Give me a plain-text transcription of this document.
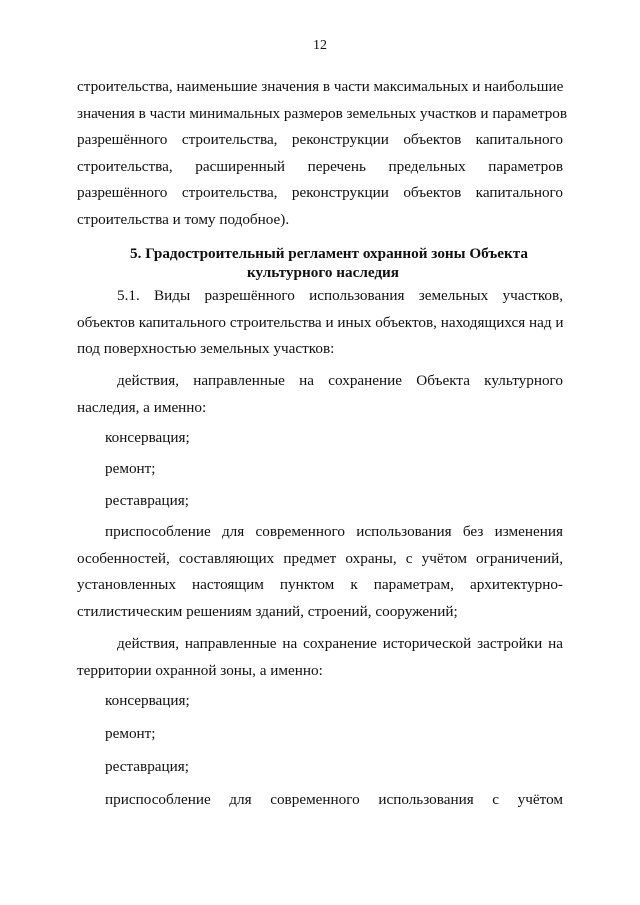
12
строительства, наименьшие значения в части максимальных и наибольшие
значения в части минимальных размеров земельных участков и параметров
разрешённого строительства, реконструкции объектов капитального
строительства, расширенный перечень предельных параметров
разрешённого строительства, реконструкции объектов капитального
строительства и тому подобное).
5. Градостроительный регламент охранной зоны Объекта
культурного наследия
5.1. Виды разрешённого использования земельных участков,
объектов капитального строительства и иных объектов, находящихся над и
под поверхностью земельных участков:
действия, направленные на сохранение Объекта культурного
наследия, а именно:
консервация;
ремонт;
реставрация;
приспособление для современного использования без изменения
особенностей, составляющих предмет охраны, с учётом ограничений,
установленных настоящим пунктом к параметрам, архитектурно-
стилистическим решениям зданий, строений, сооружений;
действия, направленные на сохранение исторической застройки на
территории охранной зоны, а именно:
консервация;
ремонт;
реставрация;
приспособление для современного использования с учётом
